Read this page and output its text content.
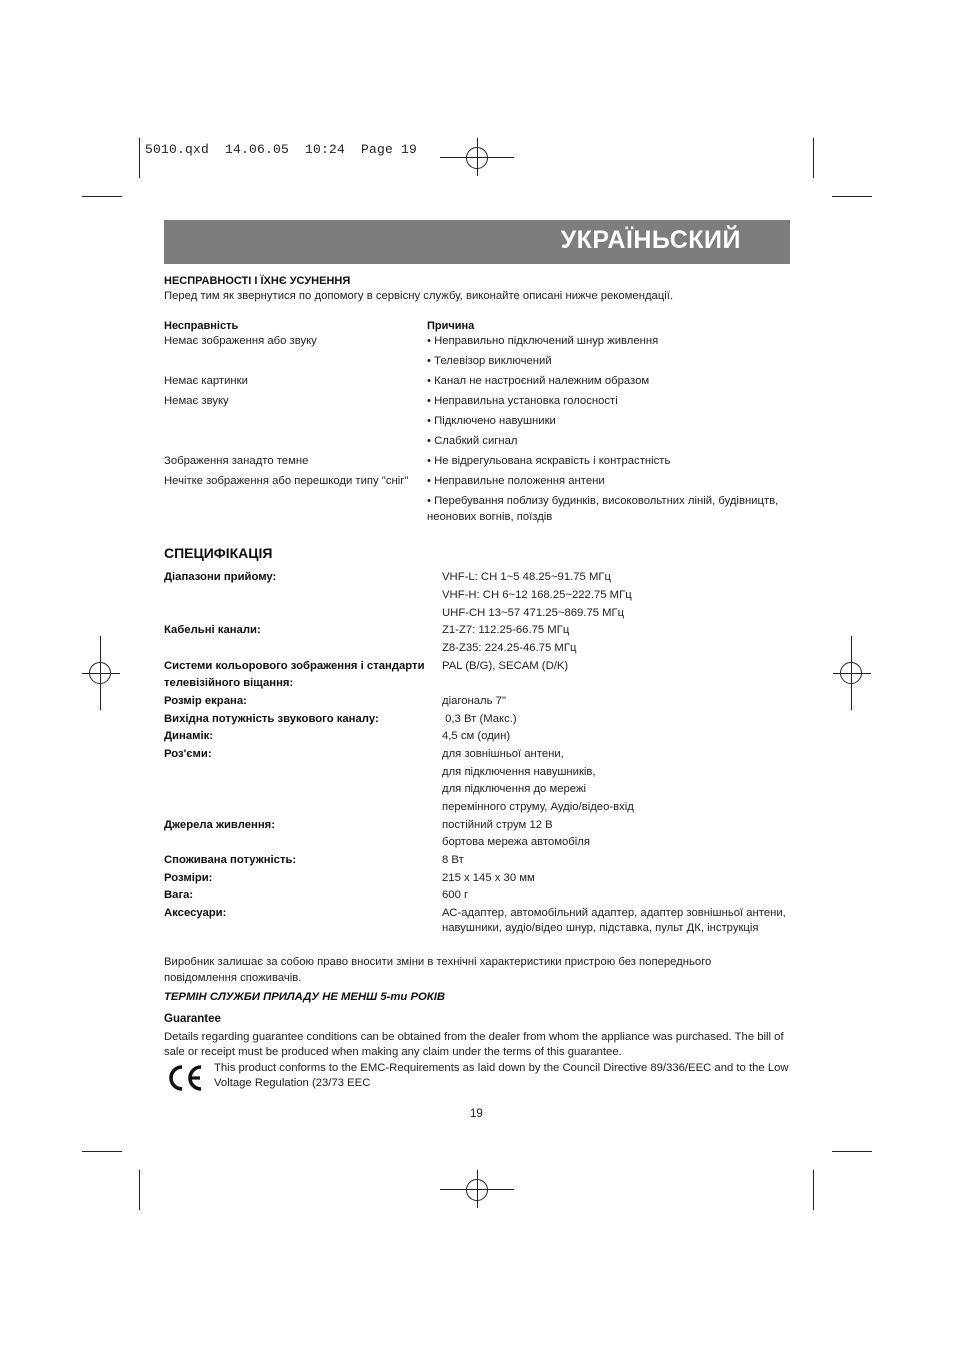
5010.qxd  14.06.05  10:24  Page 19
УКРАЇНЬСКИЙ
НЕСПРАВНОСТІ І ЇХНЄ УСУНЕННЯ
Перед тим як звернутися по допомогу в сервісну службу, виконайте описані нижче рекомендації.
Несправність	Причина
Немає зображення або звуку	• Неправильно підключений шнур живлення
• Телевізор виключений
Немає картинки	• Канал не настроєний належним образом
Немає звуку	• Неправильна установка голосності
• Підключено навушники
• Слабкий сигнал
Зображення занадто темне	• Не відрегульована яскравість і контрастність
Нечітке зображення або перешкоди типу "сніг" • Неправильне положення антени
• Перебування поблизу будинків, високовольтних ліній, будівництв,
неонових вогнів, поїздів
СПЕЦИФІКАЦІЯ
Діапазони прийому:	VHF-L: CH 1~5 48.25~91.75 МГц
VHF-H: CH 6~12 168.25~222.75 МГц
UHF-CH 13~57 471.25~869.75 МГц
Кабельні канали:	Z1-Z7: 112.25-66.75 МГц
Z8-Z35: 224.25-46.75 МГц
Системи кольорового зображення і стандарти
телевізійного віщання:
PAL (B/G), SECAM (D/K)
Розмір екрана:	діагональ 7"
Вихідна потужність звукового каналу:	0,3 Вт (Макс.)
Динамік:	4,5 см (один)
Роз'єми:	для зовнішньої антени,
для підключення навушників,
для підключення до мережі
перемінного струму, Аудіо/відео-вхід
Джерела живлення:	постійний струм 12 В
бортова мережа автомобіля
Споживана потужність:	8 Вт
Розміри:	215 x 145 x 30 мм
Вага:	600 г
Аксесуари:	АС-адаптер, автомобільний адаптер, адаптер зовнішньої антени,
навушники, аудіо/відео шнур, підставка, пульт ДК, інструкція
Виробник залишає за собою право вносити зміни в технічні характеристики пристрою без попереднього
повідомлення споживачів.
ТЕРМІН СЛУЖБИ ПРИЛАДУ НЕ МЕНШ 5-ти РОКІВ
Guarantee
Details regarding guarantee conditions can be obtained from the dealer from whom the appliance was purchased. The bill of
sale or receipt must be produced when making any claim under the terms of this guarantee.
This product conforms to the EMC-Requirements as laid down by the Council Directive 89/336/EEC and to the Low
Voltage Regulation (23/73 EEC
19
